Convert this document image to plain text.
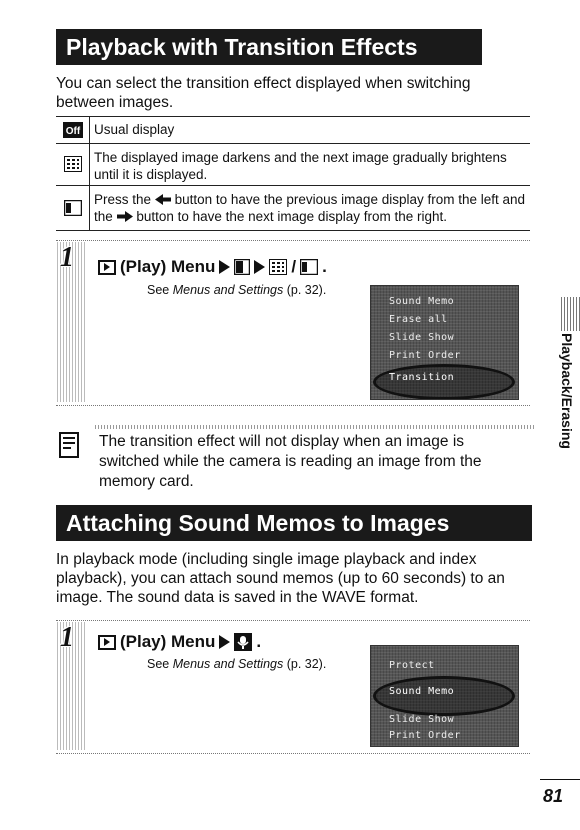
Playback with Transition Effects
You can select the transition effect displayed when switching between images.
Off Usual display
The displayed image darkens and the next image gradually brightens until it is displayed.
Press the button to have the previous image display from the left and the button to have the next image display from the right.
1	(Play) Menu	/ .
See Menus and Settings (p. 32).
Sound Memo
Erase all
Slide Show
Print Order
Transition
The transition effect will not display when an image is switched while the camera is reading an image from the memory card.
Attaching Sound Memos to Images
In playback mode (including single image playback and index playback), you can attach sound memos (up to 60 seconds) to an image. The sound data is saved in the WAVE format.
1	(Play) Menu .
See Menus and Settings (p. 32).	Protect
Sound Memo
Slide Show
Print Order
Playback/Erasing
81
